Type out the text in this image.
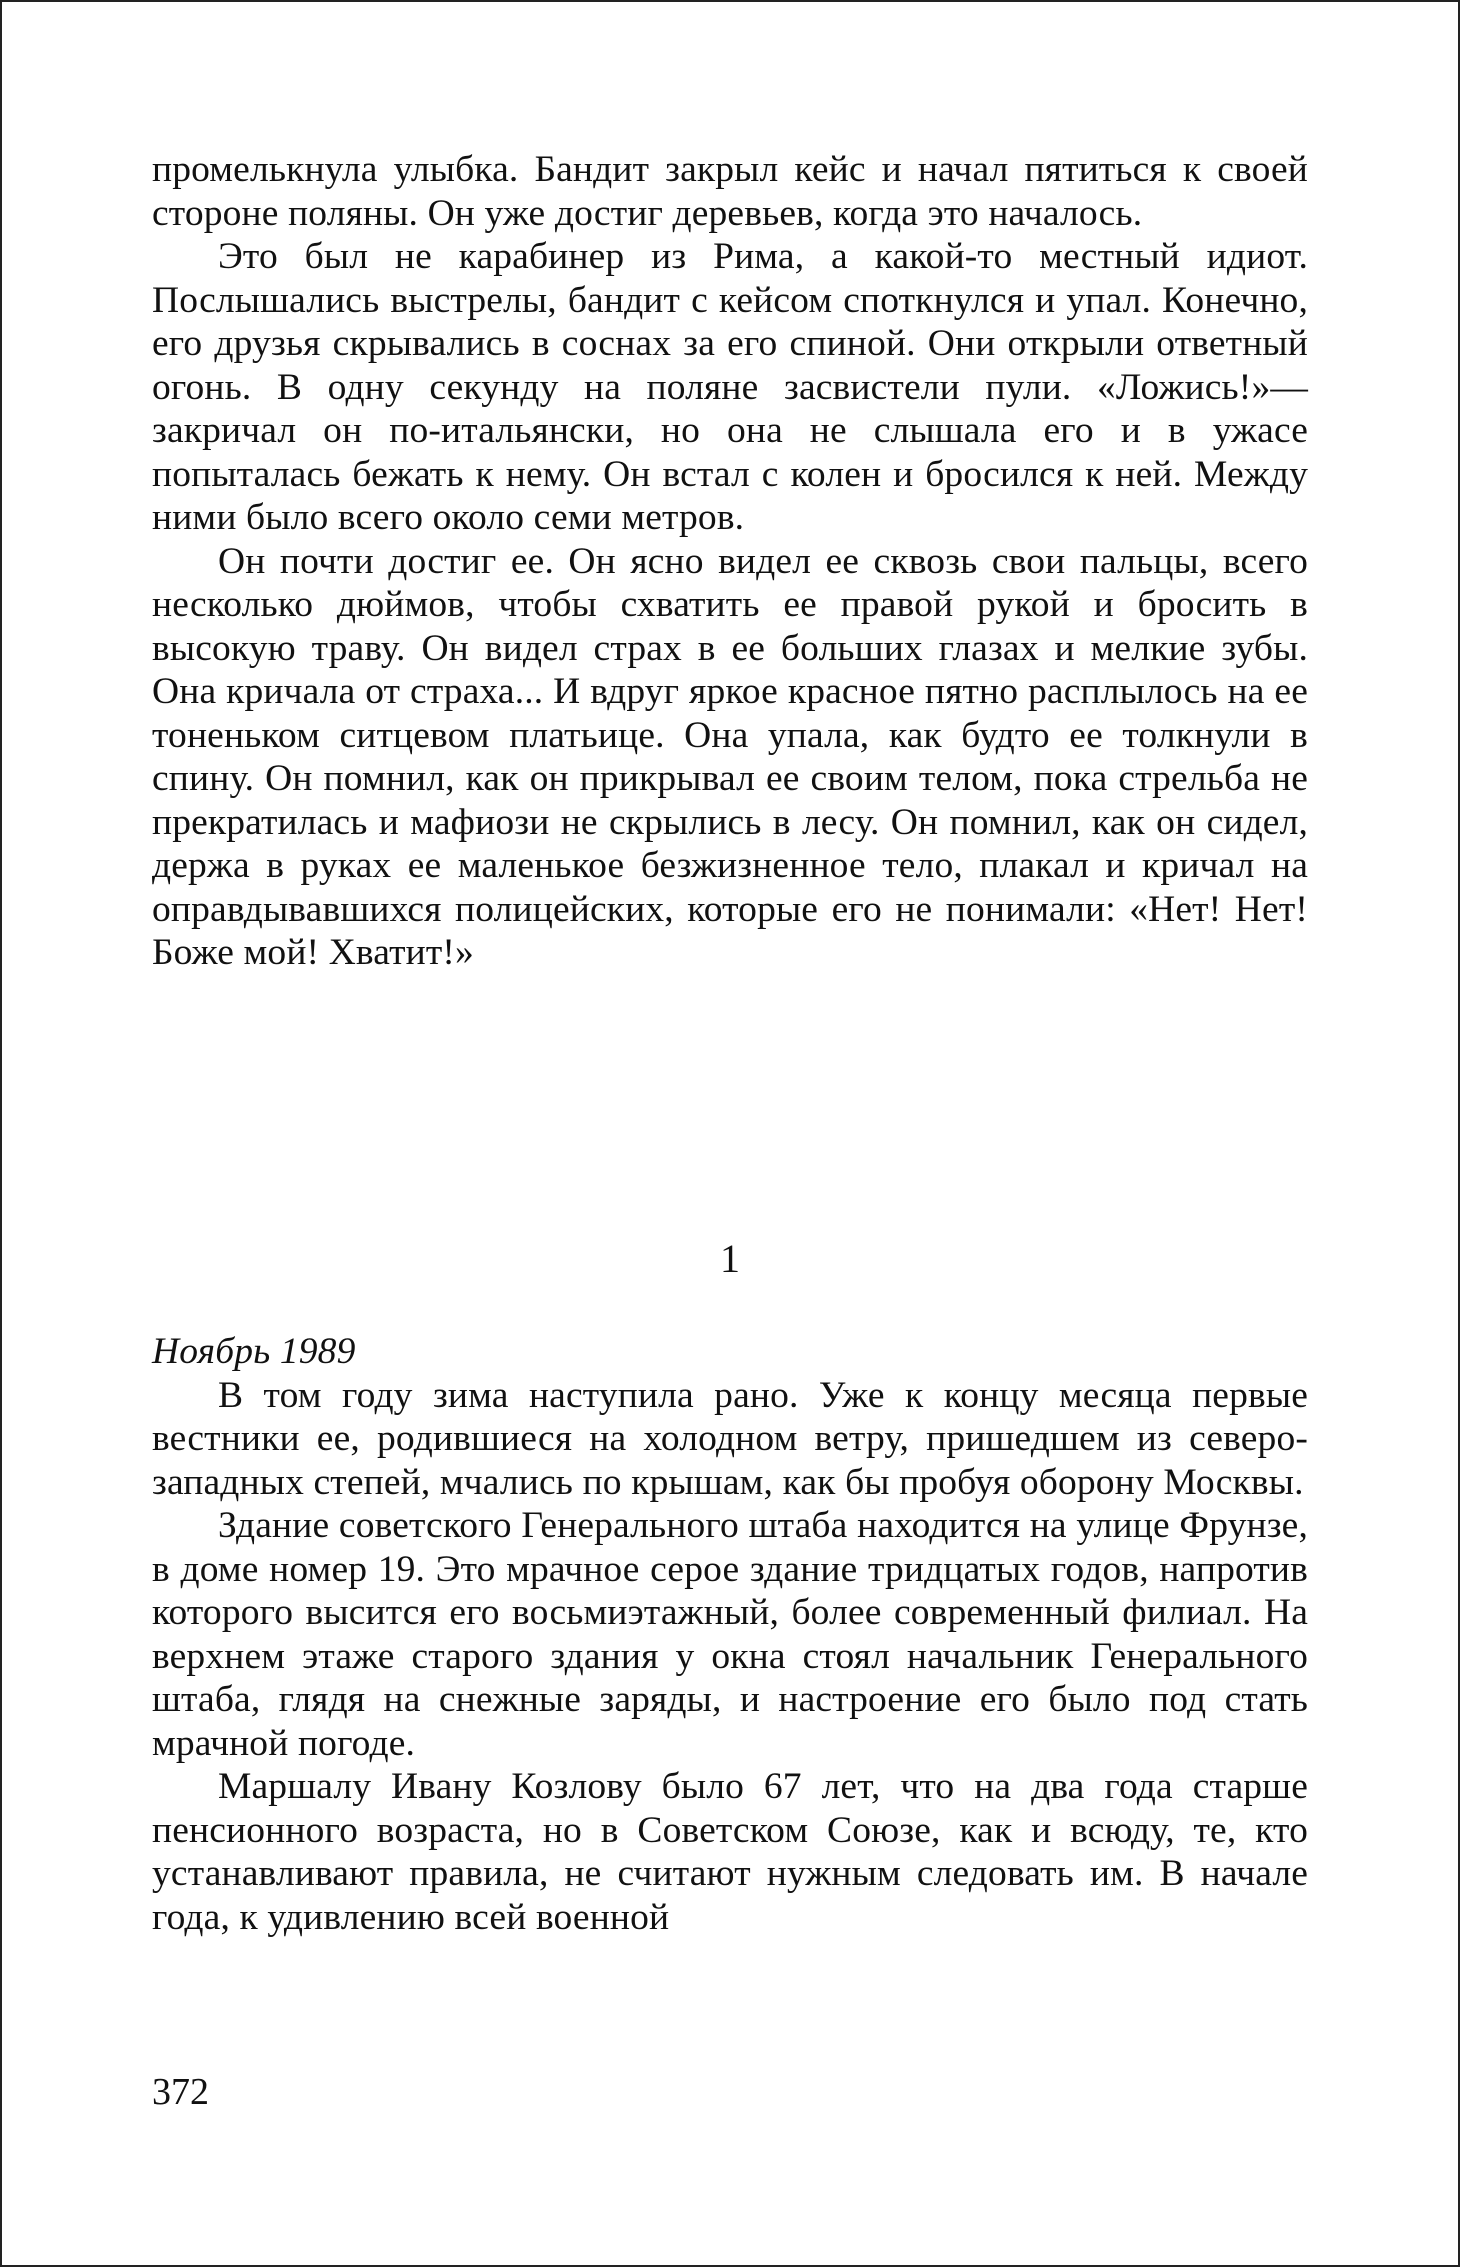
промелькнула улыбка. Бандит закрыл кейс и начал пятиться к своей стороне поляны. Он уже достиг деревьев, когда это началось.

Это был не карабинер из Рима, а какой-то местный идиот. Послышались выстрелы, бандит с кейсом споткнулся и упал. Конечно, его друзья скрывались в соснах за его спиной. Они открыли ответный огонь. В одну секунду на поляне засвистели пули. «Ложись!»— закричал он по-итальянски, но она не слышала его и в ужасе попыталась бежать к нему. Он встал с колен и бросился к ней. Между ними было всего около семи метров.

Он почти достиг ее. Он ясно видел ее сквозь свои пальцы, всего несколько дюймов, чтобы схватить ее правой рукой и бросить в высокую траву. Он видел страх в ее больших глазах и мелкие зубы. Она кричала от страха... И вдруг яркое красное пятно расплылось на ее тоненьком ситцевом платьице. Она упала, как будто ее толкнули в спину. Он помнил, как он прикрывал ее своим телом, пока стрельба не прекратилась и мафиози не скрылись в лесу. Он помнил, как он сидел, держа в руках ее маленькое безжизненное тело, плакал и кричал на оправдывавшихся полицейских, которые его не понимали: «Нет! Нет! Боже мой! Хватит!»

1

Ноябрь 1989

В том году зима наступила рано. Уже к концу месяца первые вестники ее, родившиеся на холодном ветру, пришедшем из северо-западных степей, мчались по крышам, как бы пробуя оборону Москвы.

Здание советского Генерального штаба находится на улице Фрунзе, в доме номер 19. Это мрачное серое здание тридцатых годов, напротив которого высится его восьмиэтажный, более современный филиал. На верхнем этаже старого здания у окна стоял начальник Генерального штаба, глядя на снежные заряды, и настроение его было под стать мрачной погоде.

Маршалу Ивану Козлову было 67 лет, что на два года старше пенсионного возраста, но в Советском Союзе, как и всюду, те, кто устанавливают правила, не считают нужным следовать им. В начале года, к удивлению всей военной

372
